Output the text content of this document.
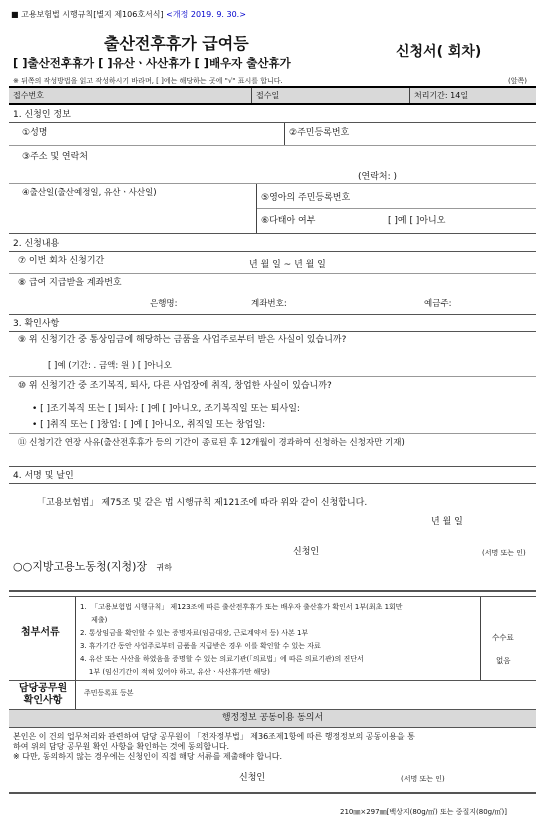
■ 고용보험법 시행규칙[별지 제106호서식] <개정 2019. 9. 30.>
출산전후휴가 급여등
[ ]출산전후휴가 [ ]유산ㆍ사산휴가 [ ]배우자 출산휴가
신청서( 회차)
※ 뒤쪽의 작성방법을 읽고 작성하시기 바라며, [ ]에는 해당하는 곳에 "√" 표시를 합니다.	(앞쪽)
접수번호	접수일	처리기간: 14일
1. 신청인 정보
①성명	②주민등록번호
③주소 및 연락처
(연락처: )
④출산일(출산예정일, 유산ㆍ사산일)	⑤영아의 주민등록번호
⑥다태아 여부	[ ]예 [ ]아니오
2. 신청내용
⑦ 이번 회차 신청기간	년 월 일 ~ 년 월 일
⑧ 급여 지급받을 계좌번호
은행명:	계좌번호:	예금주:
3. 확인사항
⑨ 위 신청기간 중 통상임금에 해당하는 금품을 사업주로부터 받은 사실이 있습니까?
[ ]예 (기간: . 금액: 원 ) [ ]아니오
⑩ 위 신청기간 중 조기복직, 퇴사, 다른 사업장에 취직, 창업한 사실이 있습니까?
• [ ]조기복직 또는 [ ]퇴사: [ ]예 [ ]아니오, 조기복직일 또는 퇴사일:
• [ ]취직 또는 [ ]창업: [ ]예 [ ]아니오, 취직일 또는 창업일:
⑪ 신청기간 연장 사유(출산전후휴가 등의 기간이 종료된 후 12개월이 경과하여 신청하는 신청자만 기재)
4. 서명 및 날인
「고용보험법」 제75조 및 같은 법 시행규칙 제121조에 따라 위와 같이 신청합니다.
년 월 일
신청인	(서명 또는 인)
○○지방고용노동청(지청)장 귀하
첨부서류
1.  「고용보험법 시행규칙」 제123조에 따른 출산전후휴가 또는 배우자 출산휴가 확인서 1부(최초 1회만
제출)
2. 통상임금을 확인할 수 있는 증명자료(임금대장, 근로계약서 등) 사본 1부
3. 휴가기간 동안 사업주로부터 금품을 지급받은 경우 이를 확인할 수 있는 자료
4. 유산 또는 사산을 하였음을 증명할 수 있는 의료기관(「의료법」에 따른 의료기관)의 진단서
1부 (임신기간이 적혀 있어야 하고, 유산ㆍ사산휴가만 해당)
수수료
없음
담당공무원 확인사항
주민등록표 등본
행정정보 공동이용 동의서
본인은 이 건의 업무처리와 관련하여 담당 공무원이 「전자정부법」 제36조제1항에 따른 행정정보의 공동이용을 통
하여 위의 담당 공무원 확인 사항을 확인하는 것에 동의합니다.
※ 다만, 동의하지 않는 경우에는 신청인이 직접 해당 서류를 제출해야 합니다.
신청인	(서명 또는 인)
210㎜×297㎜[백상지(80g/㎡) 또는 중질지(80g/㎡)]
